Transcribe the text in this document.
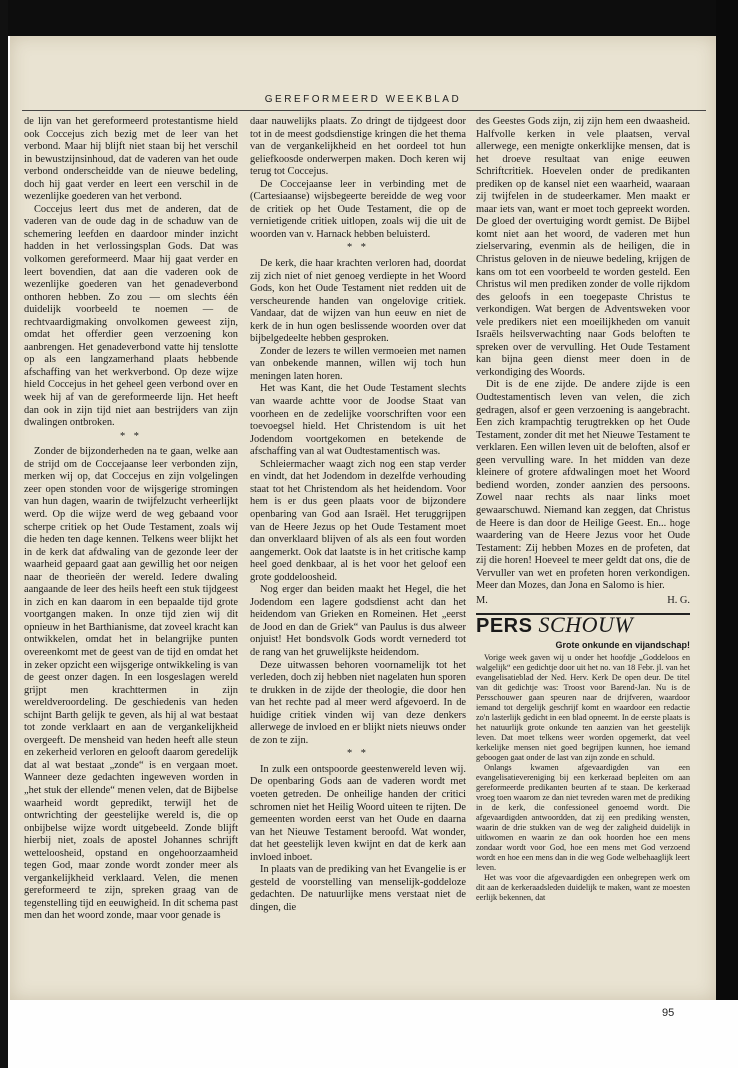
GEREFORMEERD WEEKBLAD

de lijn van het gereformeerd protestantisme hield ook Coccejus zich bezig met de leer van het verbond. Maar hij blijft niet staan bij het verschil in bewustzijnsinhoud, dat de vaderen van het oude verbond onderscheidde van de nieuwe bedeling, doch hij gaat verder en leert een verschil in de wezenlijke goederen van het verbond.

Coccejus leert dus met de anderen, dat de vaderen van de oude dag in de schaduw van de schemering leefden en daardoor minder inzicht hadden in het verlossingsplan Gods. Dat was volkomen gereformeerd. Maar hij gaat verder en leert bovendien, dat aan die vaderen ook de wezenlijke goederen van het genadeverbond onthoren hebben. Zo zou — om slechts één duidelijk voorbeeld te noemen — de rechtvaardigmaking onvolkomen geweest zijn, omdat het offerdier geen verzoening kon aanbrengen. Het genadeverbond vatte hij tenslotte op als een langzamerhand plaats hebbende afschaffing van het werkverbond. Op deze wijze hield Coccejus in het geheel geen verbond over en week hij af van de gereformeerde lijn. Het heeft dan ook in zijn tijd niet aan bestrijders van zijn dwalingen ontbroken.

* *

Zonder de bijzonderheden na te gaan, welke aan de strijd om de Coccejaanse leer verbonden zijn, merken wij op, dat Coccejus en zijn volgelingen zeer open stonden voor de wijsgerige stromingen van hun dagen, waarin de twijfelzucht verheerlijkt werd. Op die wijze werd de weg gebaand voor scherpe critiek op het Oude Testament, zoals wij die heden ten dage kennen. Telkens weer blijkt het in de kerk dat afdwaling van de gezonde leer der waarheid gepaard gaat aan gewillig het oor neigen naar de theorieën der wereld. Iedere dwaling aangaande de leer des heils heeft een stuk tijdgeest in zich en kan daarom in een bepaalde tijd grote voortgangen maken. In onze tijd zien wij dit opnieuw in het Barthianisme, dat zoveel kracht kan ontwikkelen, omdat het in belangrijke punten overeenkomt met de geest van de tijd en omdat het in zeker opzicht een wijsgerige ontwikkeling is van de geest onzer dagen. In een losgeslagen wereld grijpt men krachttermen in zijn wereldveroordeling. De geschiedenis van heden schijnt Barth gelijk te geven, als hij al wat bestaat tot zonde verklaart en aan de vergankelijkheid overgeeft. De mensheid van heden heeft alle steun en zekerheid verloren en gelooft daarom geredelijk dat al wat bestaat „zonde“ is en vergaan moet. Wanneer deze gedachten ingeweven worden in „het stuk der ellende“ menen velen, dat de Bijbelse waarheid wordt gepredikt, terwijl het de ontwrichting der geestelijke wereld is, die op onbijbelse wijze wordt uitgebeeld. Zonde blijft hierbij niet, zoals de apostel Johannes schrijft wetteloosheid, opstand en ongehoorzaamheid tegen God, maar zonde wordt zonder meer als vergankelijkheid verklaard. Velen, die menen gereformeerd te zijn, spreken graag van de tegenstelling tijd en eeuwigheid. In dit schema past men dan het woord zonde, maar voor genade is

daar nauwelijks plaats. Zo dringt de tijdgeest door tot in de meest godsdienstige kringen die het thema van de vergankelijkheid en het oordeel tot hun geliefkoosde onderwerpen maken. Doch keren wij terug tot Coccejus.

De Coccejaanse leer in verbinding met de (Cartesiaanse) wijsbegeerte bereidde de weg voor de critiek op het Oude Testament, die op de vernietigende critiek uitlopen, zoals wij die uit de woorden van v. Harnack hebben beluisterd.

* *

De kerk, die haar krachten verloren had, doordat zij zich niet of niet genoeg verdiepte in het Woord Gods, kon het Oude Testament niet redden uit de verscheurende handen van ongelovige critiek. Vandaar, dat de wijzen van hun eeuw en niet de kerk de in hun ogen beslissende woorden over dat bijbelgedeelte hebben gesproken.

Zonder de lezers te willen vermoeien met namen van onbekende mannen, willen wij toch hun meningen laten horen.

Het was Kant, die het Oude Testament slechts van waarde achtte voor de Joodse Staat van voorheen en de zedelijke voorschriften voor een toevoegsel hield. Het Christendom is uit het Jodendom voortgekomen en betekende de afschaffing van al wat Oudtestamentisch was.

Schleiermacher waagt zich nog een stap verder en vindt, dat het Jodendom in dezelfde verhouding staat tot het Christendom als het heidendom. Voor hem is er dus geen plaats voor de bijzondere openbaring van God aan Israël. Het teruggrijpen van de Heere Jezus op het Oude Testament moet dan onverklaard blijven of als als een fout worden aangemerkt. Ook dat laatste is in het critische kamp heel goed denkbaar, al is het voor het geloof een grote goddeloosheid.

Nog erger dan beiden maakt het Hegel, die het Jodendom een lagere godsdienst acht dan het heidendom van Grieken en Romeinen. Het „eerst de Jood en dan de Griek“ van Paulus is dus alweer onjuist! Het bondsvolk Gods wordt vernederd tot de rang van het gruwelijkste heidendom.

Deze uitwassen behoren voornamelijk tot het verleden, doch zij hebben niet nagelaten hun sporen te drukken in de zijde der theologie, die door hen van het rechte pad al meer werd afgevoerd. In de huidige critiek vinden wij van deze denkers allerwege de invloed en er blijkt niets nieuws onder de zon te zijn.

* *

In zulk een ontspoorde geestenwereld leven wij. De openbaring Gods aan de vaderen wordt met voeten getreden. De onheilige handen der critici schromen niet het Heilig Woord uiteen te rijten. De gemeenten worden eerst van het Oude en daarna van het Nieuwe Testament beroofd. Wat wonder, dat het geestelijk leven kwijnt en dat de kerk aan invloed inboet.

In plaats van de prediking van het Evangelie is er gesteld de voorstelling van menselijk-goddeloze gedachten. De natuurlijke mens verstaat niet de dingen, die

des Geestes Gods zijn, zij zijn hem een dwaasheid. Halfvolle kerken in vele plaatsen, verval allerwege, een menigte onkerklijke mensen, dat is het droeve resultaat van enige eeuwen Schriftcritiek. Hoevelen onder de predikanten prediken op de kansel niet een waarheid, waaraan zij twijfelen in de studeerkamer. Men maakt er maar iets van, want er moet toch gepreekt worden. De gloed der overtuiging wordt gemist. De Bijbel komt niet aan het woord, de vaderen met hun zielservaring, evenmin als de heiligen, die in Christus geloven in de nieuwe bedeling, krijgen de kans om tot een voorbeeld te worden gesteld. Een Christus wil men prediken zonder de volle rijkdom des geloofs in een toegepaste Christus te verkondigen. Wat bergen de Adventsweken voor vele predikers niet een moeilijkheden om vanuit Israëls heilsverwachting naar Gods beloften te spreken over de vervulling. Het Oude Testament kan bijna geen dienst meer doen in de verkondiging des Woords.

Dit is de ene zijde. De andere zijde is een Oudtestamentisch leven van velen, die zich gedragen, alsof er geen verzoening is aangebracht. Een zich krampachtig terugtrekken op het Oude Testament, zonder dit met het Nieuwe Testament te verklaren. Een willen leven uit de beloften, alsof er geen vervulling ware. In het midden van deze kleinere of grotere afdwalingen moet het Woord bediend worden, zonder aanzien des persoons. Zowel naar rechts als naar links moet gewaarschuwd. Niemand kan zeggen, dat Christus de Heere is dan door de Heilige Geest. En... hoge waardering van de Heere Jezus voor het Oude Testament: Zij hebben Mozes en de profeten, dat zij die horen! Hoeveel te meer geldt dat ons, die de Vervuller van wet en profeten horen verkondigen. Meer dan Mozes, dan Jona en Salomo is hier.

M.	H. G.
PERS SCHOUW
Grote onkunde en vijandschap!

Vorige week gaven wij u onder het hoofdje „Goddeloos en walgelijk“ een gedichtje door uit het no. van 18 Febr. jl. van het evangelisatieblad der Ned. Herv. Kerk De open deur. De titel van dit gedichtje was: Troost voor Barend-Jan. Nu is de Persschouwer gaan speuren naar de drijfveren, waardoor iemand tot dergelijk geschrijf komt en waardoor een redactie zo'n lasterlijk gedicht in een blad opneemt. In de eerste plaats is het natuurlijk grote onkunde ten aanzien van het geestelijk leven. Dat moet telkens weer worden opgemerkt, dat veel kerkelijke mensen niet goed begrijpen kunnen, hoe iemand geboogen gaat onder de last van zijn zonde en schuld.

Onlangs kwamen afgevaardigden van een evangelisatievereniging bij een kerkeraad bepleiten om aan gereformeerde predikanten beurten af te staan. De kerkeraad vroeg toen waarom ze dan niet tevreden waren met de prediking in de kerk, die confessioneel genoemd wordt. Die afgevaardigden antwoordden, dat zij een prediking wensten, waarin de drie stukken van de weg der zaligheid duidelijk in uitkwomen en waarin ze dan ook hoorden hoe een mens zondaar wordt voor God, hoe een mens met God verzoend wordt en hoe een mens dan in die weg Gode welbehaaglijk leert leven.

Het was voor die afgevaardigden een onbegrepen werk om dit aan de kerkeraadsleden duidelijk te maken, want ze moesten eerlijk bekennen, dat

95
